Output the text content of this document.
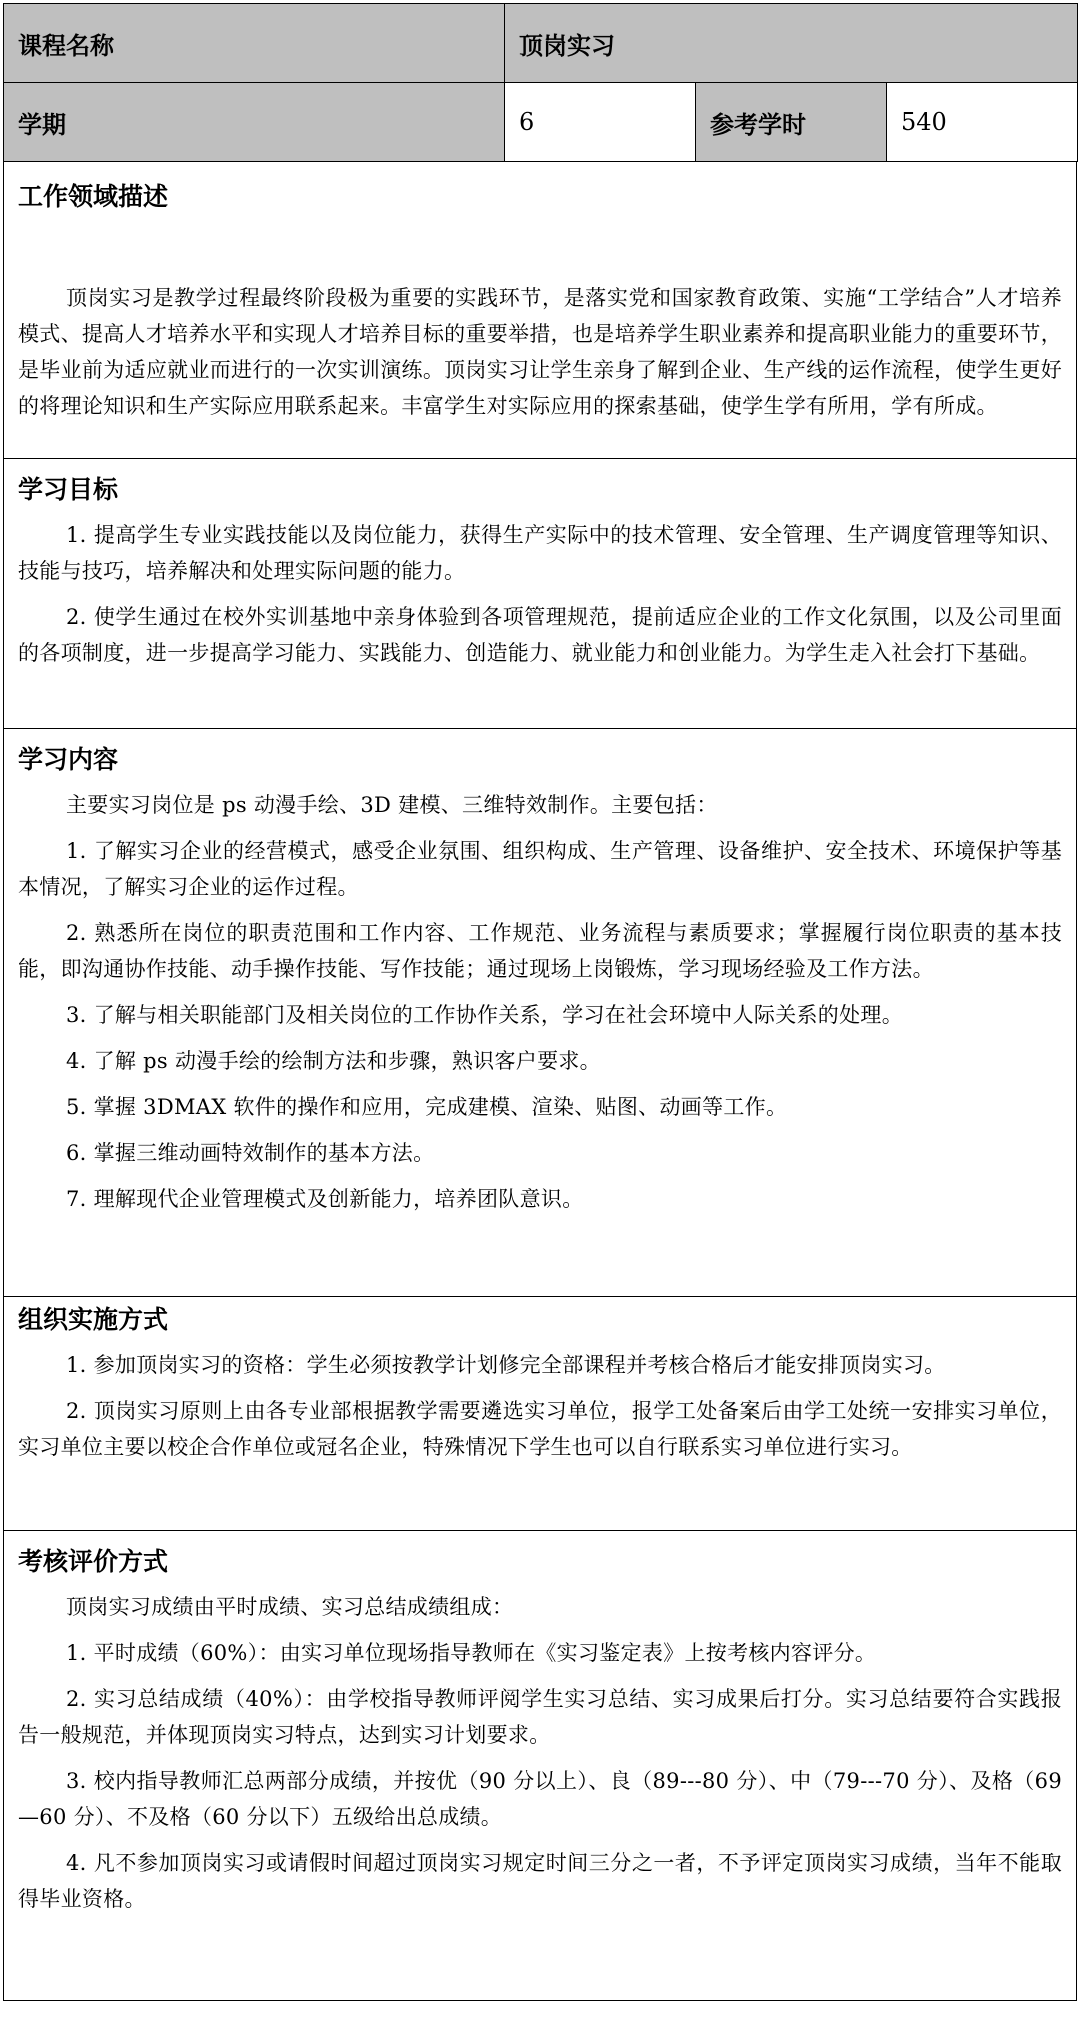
课程名称	顶岗实习		
学期	6	参考学时	540

工作领域描述

顶岗实习是教学过程最终阶段极为重要的实践环节，是落实党和国家教育政策、实施“工学结合”人才培养模式、提高人才培养水平和实现人才培养目标的重要举措，也是培养学生职业素养和提高职业能力的重要环节，是毕业前为适应就业而进行的一次实训演练。顶岗实习让学生亲身了解到企业、生产线的运作流程，使学生更好的将理论知识和生产实际应用联系起来。丰富学生对实际应用的探索基础，使学生学有所用，学有所成。

学习目标

1. 提高学生专业实践技能以及岗位能力，获得生产实际中的技术管理、安全管理、生产调度管理等知识、技能与技巧，培养解决和处理实际问题的能力。

2. 使学生通过在校外实训基地中亲身体验到各项管理规范，提前适应企业的工作文化氛围，以及公司里面的各项制度，进一步提高学习能力、实践能力、创造能力、就业能力和创业能力。为学生走入社会打下基础。

学习内容

主要实习岗位是 ps 动漫手绘、3D 建模、三维特效制作。主要包括：

1. 了解实习企业的经营模式，感受企业氛围、组织构成、生产管理、设备维护、安全技术、环境保护等基本情况，了解实习企业的运作过程。

2. 熟悉所在岗位的职责范围和工作内容、工作规范、业务流程与素质要求；掌握履行岗位职责的基本技能，即沟通协作技能、动手操作技能、写作技能；通过现场上岗锻炼，学习现场经验及工作方法。

3. 了解与相关职能部门及相关岗位的工作协作关系，学习在社会环境中人际关系的处理。

4. 了解 ps 动漫手绘的绘制方法和步骤，熟识客户要求。

5. 掌握 3DMAX 软件的操作和应用，完成建模、渲染、贴图、动画等工作。

6. 掌握三维动画特效制作的基本方法。

7. 理解现代企业管理模式及创新能力，培养团队意识。

组织实施方式

1. 参加顶岗实习的资格：学生必须按教学计划修完全部课程并考核合格后才能安排顶岗实习。

2. 顶岗实习原则上由各专业部根据教学需要遴选实习单位，报学工处备案后由学工处统一安排实习单位，实习单位主要以校企合作单位或冠名企业，特殊情况下学生也可以自行联系实习单位进行实习。

考核评价方式

顶岗实习成绩由平时成绩、实习总结成绩组成：

1. 平时成绩（60%）：由实习单位现场指导教师在《实习鉴定表》上按考核内容评分。

2. 实习总结成绩（40%）：由学校指导教师评阅学生实习总结、实习成果后打分。实习总结要符合实践报告一般规范，并体现顶岗实习特点，达到实习计划要求。

3. 校内指导教师汇总两部分成绩，并按优（90 分以上）、良（89---80 分）、中（79---70 分）、及格（69—60 分）、不及格（60 分以下）五级给出总成绩。

4. 凡不参加顶岗实习或请假时间超过顶岗实习规定时间三分之一者，不予评定顶岗实习成绩，当年不能取得毕业资格。
